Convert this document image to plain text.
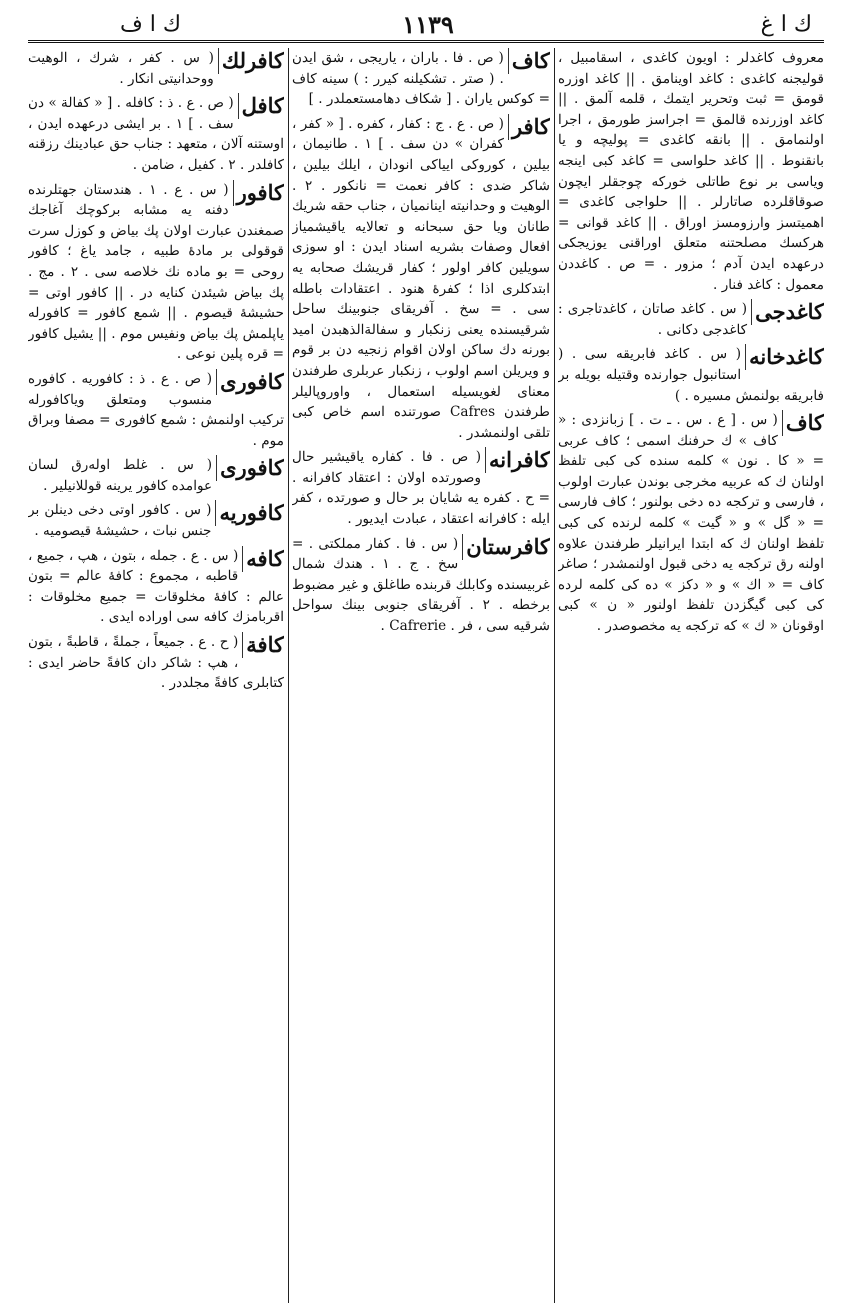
ك ا ف	١١٣٩	ك ا غ

معروف كاغدلر : اويون كاغدى ، اسقامبيل ، قوليجنه كاغدى : كاغد اوينامق . || كاغد اوزره قومق = ثبت وتحرير ايتمك ، قلمه آلمق . || كاغد اوزرنده قالمق = اجراسز طورمق ، اجرا اولنمامق . || بانقه كاغدى = پوليچه و يا بانقنوط . || كاغد حلواسى = كاغد كبى اينجه وياسى بر نوع طاتلى خوركه چوجقلر ايچون صوقاقلرده صاتارلر . || حلواجى كاغدى = اهميتسز وارزومسز اوراق . || كاغد قوانى = هركسك مصلحتنه متعلق اوراقنى يوزيجكى درعهده ايدن آدم ؛ مزور . = ص . كاغددن معمول : كاغد فنار .

كاغدجى

( س . كاغد صاتان ، كاغدتاجرى : كاغدجى دكانى .

كاغدخانه

( س . كاغد فابريقه سى . ( استانبول جوارنده وقتيله بويله بر فابريقه بولنمش مسيره . )

كاف

( س . [ ع . س . ـ ت . ] زبانزدى : « كاف » ك حرفنك اسمى ؛ كاف عربى = « كا . نون » كلمه سنده كى كبى تلفظ اولنان ك كه عربيه مخرجى بوندن عبارت اولوب ، فارسى و تركجه ده دخى بولنور ؛ كاف فارسى = « گل » و « گيت » كلمه لرنده كى كبى تلفظ اولنان ك كه ابتدا ايرانيلر طرفندن علاوه اولنه رق تركجه يه دخى قبول اولنمشدر ؛ صاغر كاف = « اك » و « دكز » ده كى كلمه لرده كى كبى گيگزدن تلفظ اولنور « ن » كبى اوقونان « ك » كه تركجه يه مخصوصدر .

كاف

( ص . فا . باران ، ياريجى ، شق ايدن . ( صتر . تشكيلنه كيرر : ) سينه كاف = كوكس ياران . [ شكاف دهامستعملدر . ]

كافر

( ص . ع . ج : كفار ، كفره . [ « كفر ، كفران » دن سف . ] ١ . طانيمان ، بيلين ، كوروكى ايياكى انودان ، ايلك بيلين ، شاكر ضدى : كافر نعمت = نانكور . ٢ . الوهيت و وحدانيته اينانميان ، جناب حقه شريك طانان ويا حق سبحانه و تعالايه ياقيشمياز افعال وصفات بشريه اسناد ايدن : او سوزى سويلين كافر اولور ؛ كفار قريشك صحابه يه ابتدكلرى اذا ؛ كفرهٔ هنود . اعتقادات باطله سى . = سخ . آفريقاى جنوبينك ساحل شرقيسنده يعنى زنكبار و سفالةالذهبدن اميد بورنه دك ساكن اولان اقوام زنجيه دن بر قوم و ويريلن اسم اولوب ، زنكبار عربلرى طرفندن معناى لغويسيله استعمال ، واوروپاليلر طرفندن Cafres صورتنده اسم خاص كبى تلقى اولنمشدر .

كافرانه

( ص . فا . كفاره ياقيشير حال وصورتده اولان : اعتقاد كافرانه . = ح . كفره يه شايان بر حال و صورتده ، كفر ايله : كافرانه اعتقاد ، عبادت ايديور .

كافرستان

( س . فا . كفار مملكتى . = سخ . ج . ١ . هندك شمال غربيسنده وكابلك قربنده طاغلق و غير مضبوط برخطه . ٢ . آفريقاى جنوبى بينك سواحل شرقيه سى ، فر . Cafrerie .

كافرلك

( س . كفر ، شرك ، الوهيت ووحدانيتى انكار .

كافل

( ص . ع . ذ : كافله . [ « كفالة » دن سف . ] ١ . بر ايشى درعهده ايدن ، اوستنه آلان ، متعهد : جناب حق عبادينك رزقنه كافلدر . ٢ . كفيل ، ضامن .

كافور

( س . ع . ١ . هندستان جهتلرنده دفنه يه مشابه بركوچك آغاجك صمغندن عبارت اولان پك بياض و كوزل سرت قوقولى بر مادهٔ طبيه ، جامد ياغ ؛ كافور روحى = بو ماده نك خلاصه سى . ٢ . مج . پك بياض شيئدن كنايه در . || كافور اوتى = حشيشهٔ قيصوم . || شمع كافور = كافورله ياپلمش پك بياض ونفيس موم . || يشيل كافور = قره پلين نوعى .

كافورى

( ص . ع . ذ : كافوريه . كافوره منسوب ومتعلق وياكافورله تركيب اولنمش : شمع كافورى = مصفا وبراق موم .

كافورى

( س . غلط اولەرق لسان عوامده كافور يرينه قوللانيلير .

كافوريه

( س . كافور اوتى دخى دينلن بر جنس نبات ، حشيشهٔ قيصوميه .

كافه

( س . ع . جمله ، بتون ، هپ ، جميع ، قاطبه ، مجموع : كافهٔ عالم = بتون عالم : كافهٔ مخلوقات = جميع مخلوقات : اقربامزك كافه سى اورادە ايدى .

كافة

( ح . ع . جميعاً ، جملةً ، قاطبةً ، بتون ، هپ : شاكر دان كافةً حاضر ايدى : كتابلرى كافةً مجلددر .
